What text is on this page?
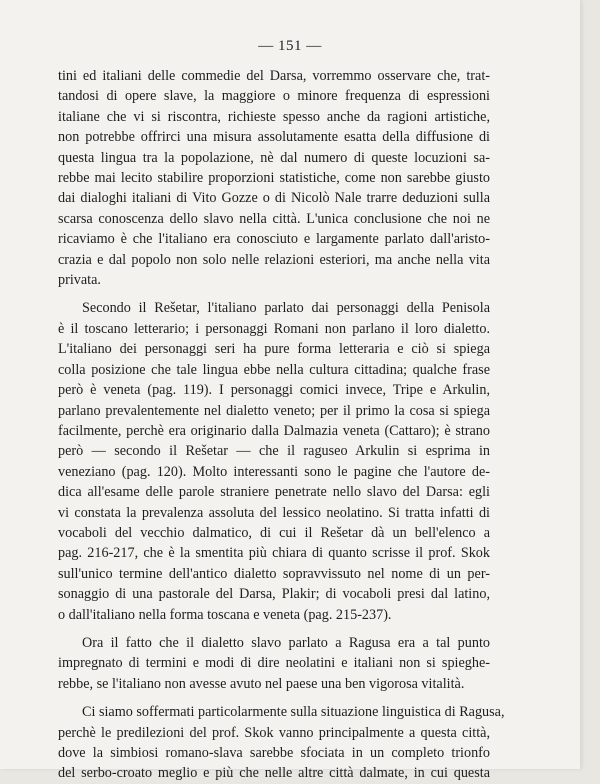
— 151 —

tini ed italiani delle commedie del Darsa, vorremmo osservare che, trat-
tandosi di opere slave, la maggiore o minore frequenza di espressioni
italiane che vi si riscontra, richieste spesso anche da ragioni artistiche,
non potrebbe offrirci una misura assolutamente esatta della diffusione di
questa lingua tra la popolazione, nè dal numero di queste locuzioni sa-
rebbe mai lecito stabilire proporzioni statistiche, come non sarebbe giusto
dai dialoghi italiani di Vito Gozze o di Nicolò Nale trarre deduzioni sulla
scarsa conoscenza dello slavo nella città. L'unica conclusione che noi ne
ricaviamo è che l'italiano era conosciuto e largamente parlato dall'aristo-
crazia e dal popolo non solo nelle relazioni esteriori, ma anche nella vita
privata.

Secondo il Rešetar, l'italiano parlato dai personaggi della Penisola
è il toscano letterario; i personaggi Romani non parlano il loro dialetto.
L'italiano dei personaggi seri ha pure forma letteraria e ciò si spiega
colla posizione che tale lingua ebbe nella cultura cittadina; qualche frase
però è veneta (pag. 119). I personaggi comici invece, Tripe e Arkulin,
parlano prevalentemente nel dialetto veneto; per il primo la cosa si spiega
facilmente, perchè era originario dalla Dalmazia veneta (Cattaro); è strano
però — secondo il Rešetar — che il raguseo Arkulin si esprima in
veneziano (pag. 120). Molto interessanti sono le pagine che l'autore de-
dica all'esame delle parole straniere penetrate nello slavo del Darsa: egli
vi constata la prevalenza assoluta del lessico neolatino. Si tratta infatti di
vocaboli del vecchio dalmatico, di cui il Rešetar dà un bell'elenco a
pag. 216-217, che è la smentita più chiara di quanto scrisse il prof. Skok
sull'unico termine dell'antico dialetto sopravvissuto nel nome di un per-
sonaggio di una pastorale del Darsa, Plakir; di vocaboli presi dal latino,
o dall'italiano nella forma toscana e veneta (pag. 215-237).

Ora il fatto che il dialetto slavo parlato a Ragusa era a tal punto
impregnato di termini e modi di dire neolatini e italiani non si spieghe-
rebbe, se l'italiano non avesse avuto nel paese una ben vigorosa vitalità.

Ci siamo soffermati particolarmente sulla situazione linguistica di Ragusa,
perchè le predilezioni del prof. Skok vanno principalmente a questa città,
dove la simbiosi romano-slava sarebbe sfociata in un completo trionfo
del serbo-croato meglio e più che nelle altre città dalmate, in cui questa
